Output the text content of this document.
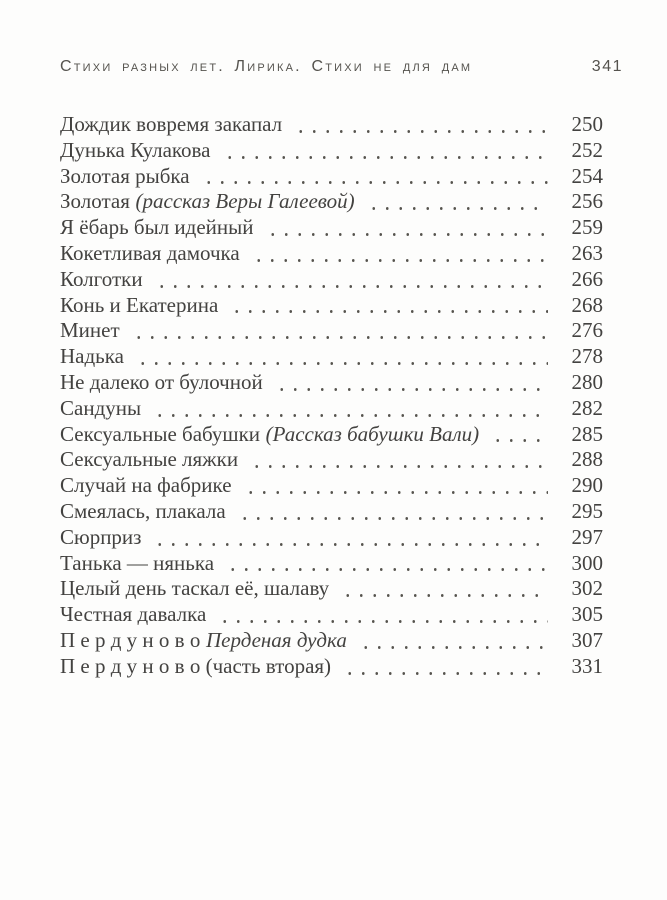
Стихи разных лет. Лирика. Стихи не для дам	341
Дождик вовремя закапал	250
Дунька Кулакова	252
Золотая рыбка	254
Золотая (рассказ Веры Галеевой)	256
Я ёбарь был идейный	259
Кокетливая дамочка	263
Колготки	266
Конь и Екатерина	268
Минет	276
Надька	278
Не далеко от булочной	280
Сандуны	282
Сексуальные бабушки (Рассказ бабушки Вали)	285
Сексуальные ляжки	288
Случай на фабрике	290
Смеялась, плакала	295
Сюрприз	297
Танька — нянька	300
Целый день таскал её, шалаву	302
Честная давалка	305
П е р д у н о в о Перденая дудка	307
П е р д у н о в о (часть вторая)	331
